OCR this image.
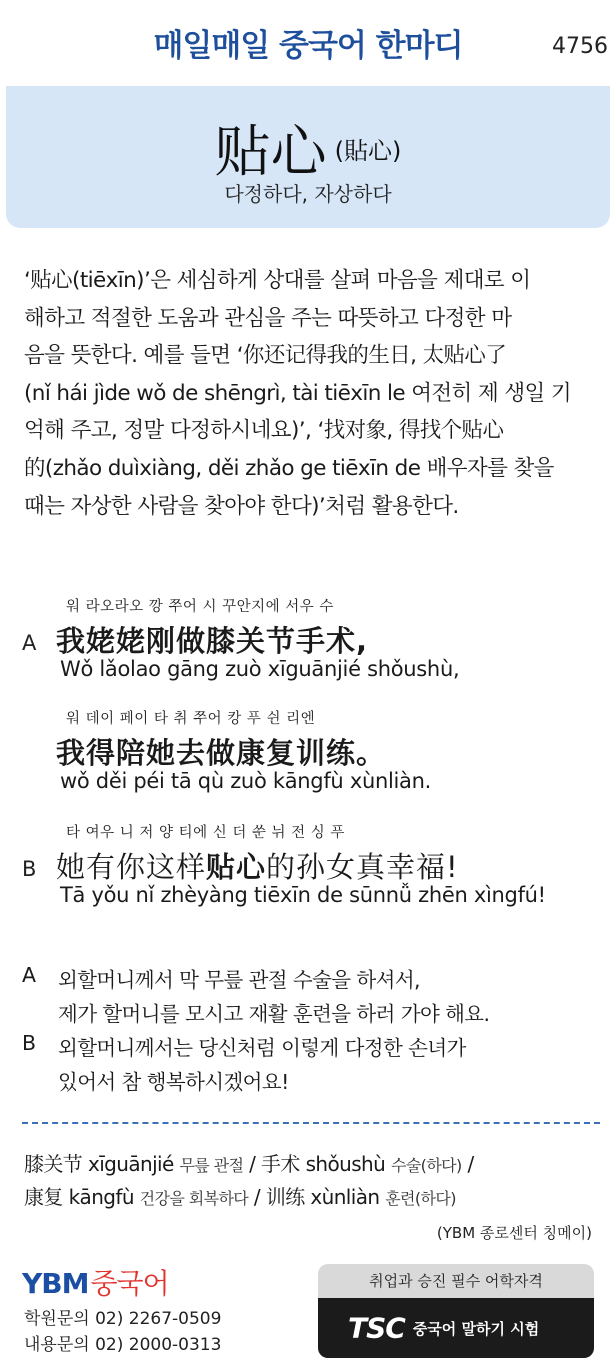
매일매일 중국어 한마디	4756
贴心 (貼心)
다정하다, 자상하다

‘贴心(tiēxīn)’은 세심하게 상대를 살펴 마음을 제대로 이

해하고 적절한 도움과 관심을 주는 따뜻하고 다정한 마

음을 뜻한다. 예를 들면 ‘你还记得我的生日, 太贴心了

(nǐ hái jìde wǒ de shēngrì, tài tiēxīn le 여전히 제 생일 기

억해 주고, 정말 다정하시네요)’, ‘找对象, 得找个贴心

的(zhǎo duìxiàng, děi zhǎo ge tiēxīn de 배우자를 찾을

때는 자상한 사람을 찾아야 한다)’처럼 활용한다.

워 라오라오 깡 쭈어 시 꾸안지에 서우 수
A 我姥姥刚做膝关节手术,
Wǒ lǎolao gāng zuò xīguānjié shǒushù,
워 데이 페이 타 취 쭈어 캉 푸 쉰 리엔
我得陪她去做康复训练。
wǒ děi péi tā qù zuò kāngfù xùnliàn.
타 여우 니 저 양 티에 신 더 쑨 뉘 전 싱 푸
B 她有你这样贴心的孙女真幸福!
Tā yǒu nǐ zhèyàng tiēxīn de sūnnǚ zhēn xìngfú!
A 외할머니께서 막 무릎 관절 수술을 하셔서,
제가 할머니를 모시고 재활 훈련을 하러 가야 해요.
B 외할머니께서는 당신처럼 이렇게 다정한 손녀가
있어서 참 행복하시겠어요!
膝关节 xīguānjié 무릎 관절 / 手术 shǒushù 수술(하다) /
康复 kāngfù 건강을 회복하다 / 训练 xùnliàn 훈련(하다)
(YBM 종로센터 칭메이)
YBM중국어
학원문의 02) 2267-0509
내용문의 02) 2000-0313
취업과 승진 필수 어학자격
TSC 중국어 말하기 시험
